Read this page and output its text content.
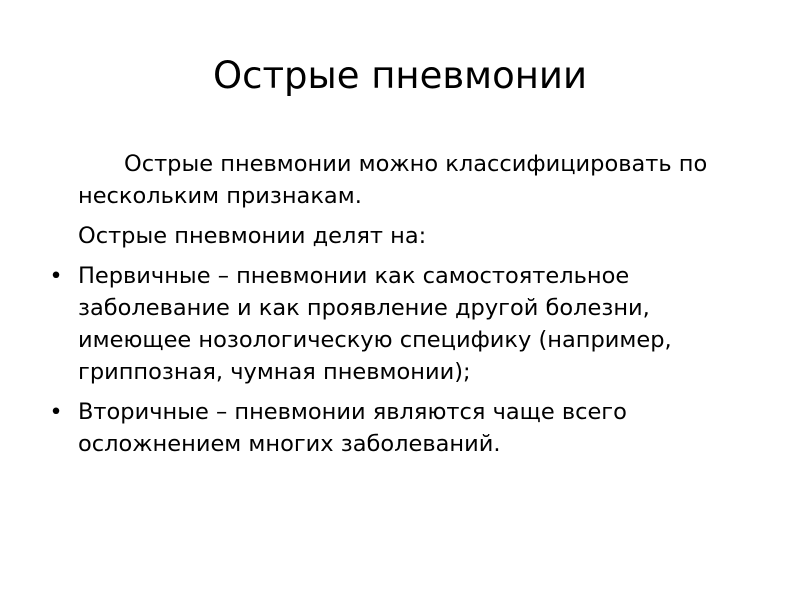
Острые пневмонии

Острые пневмонии можно классифицировать по нескольким признакам.

Острые пневмонии делят на:

• Первичные – пневмонии как самостоятельное заболевание и как проявление другой болезни, имеющее нозологическую специфику (например, гриппозная, чумная пневмонии);
• Вторичные – пневмонии являются чаще всего осложнением многих заболеваний.
